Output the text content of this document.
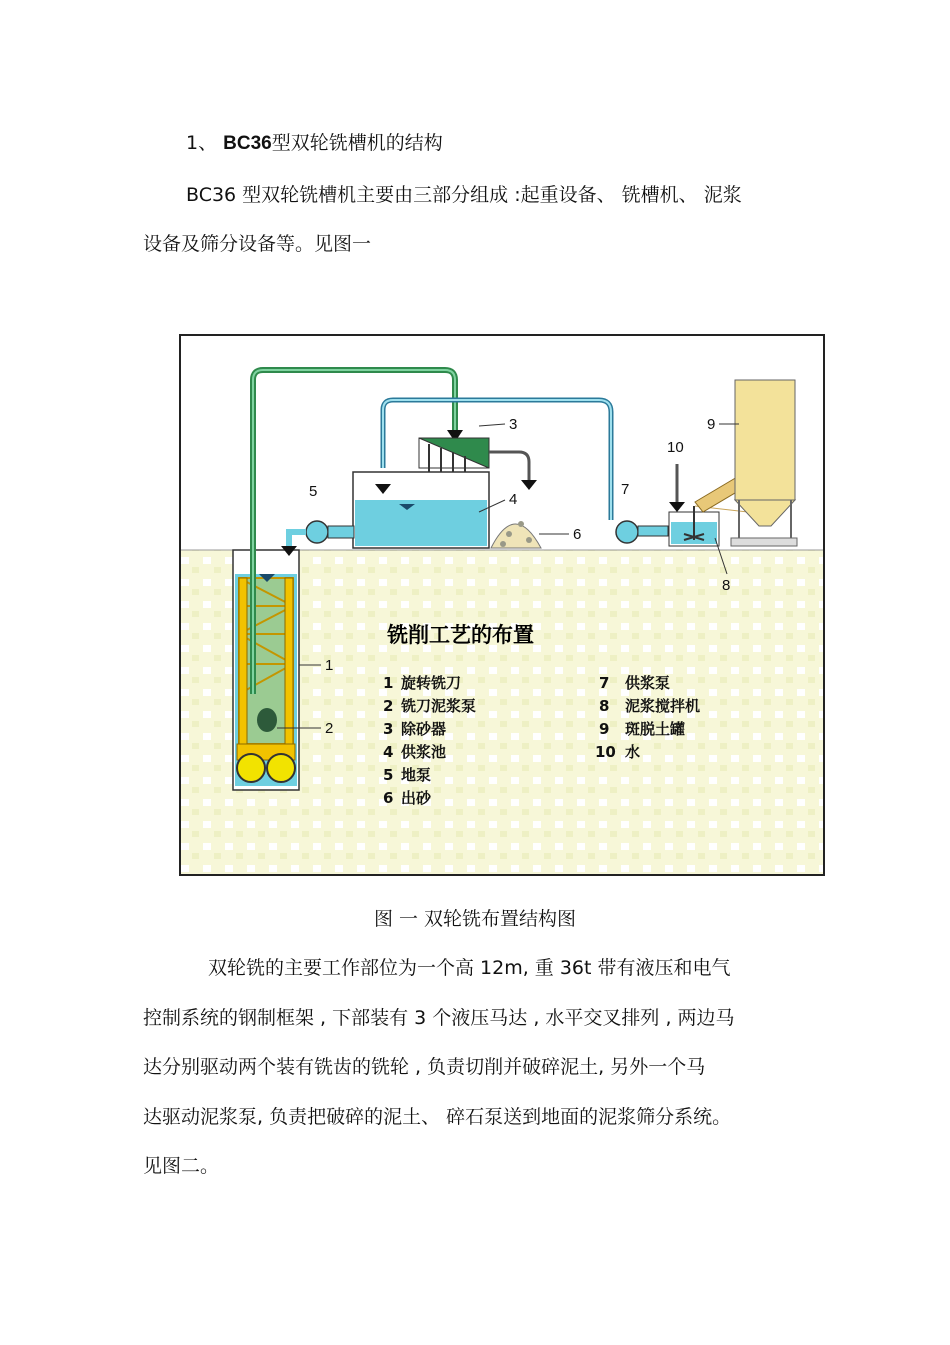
1、 BC36型双轮铣槽机的结构
BC36 型双轮铣槽机主要由三部分组成 :起重设备、 铣槽机、 泥浆
设备及筛分设备等。见图一
1
2
3
4
5
6
7
8
9
10
铣削工艺的布置
1 旋转铣刀
2 铣刀泥浆泵
3 除砂器
4 供浆池
5 地泵
6 出砂
7 供浆泵
8 泥浆搅拌机
9 斑脱土罐
10 水
图 一 双轮铣布置结构图
双轮铣的主要工作部位为一个高 12m, 重 36t 带有液压和电气
控制系统的钢制框架 , 下部装有 3 个液压马达 , 水平交叉排列 , 两边马
达分别驱动两个装有铣齿的铣轮 , 负责切削并破碎泥土, 另外一个马
达驱动泥浆泵, 负责把破碎的泥土、 碎石泵送到地面的泥浆筛分系统。
见图二。
